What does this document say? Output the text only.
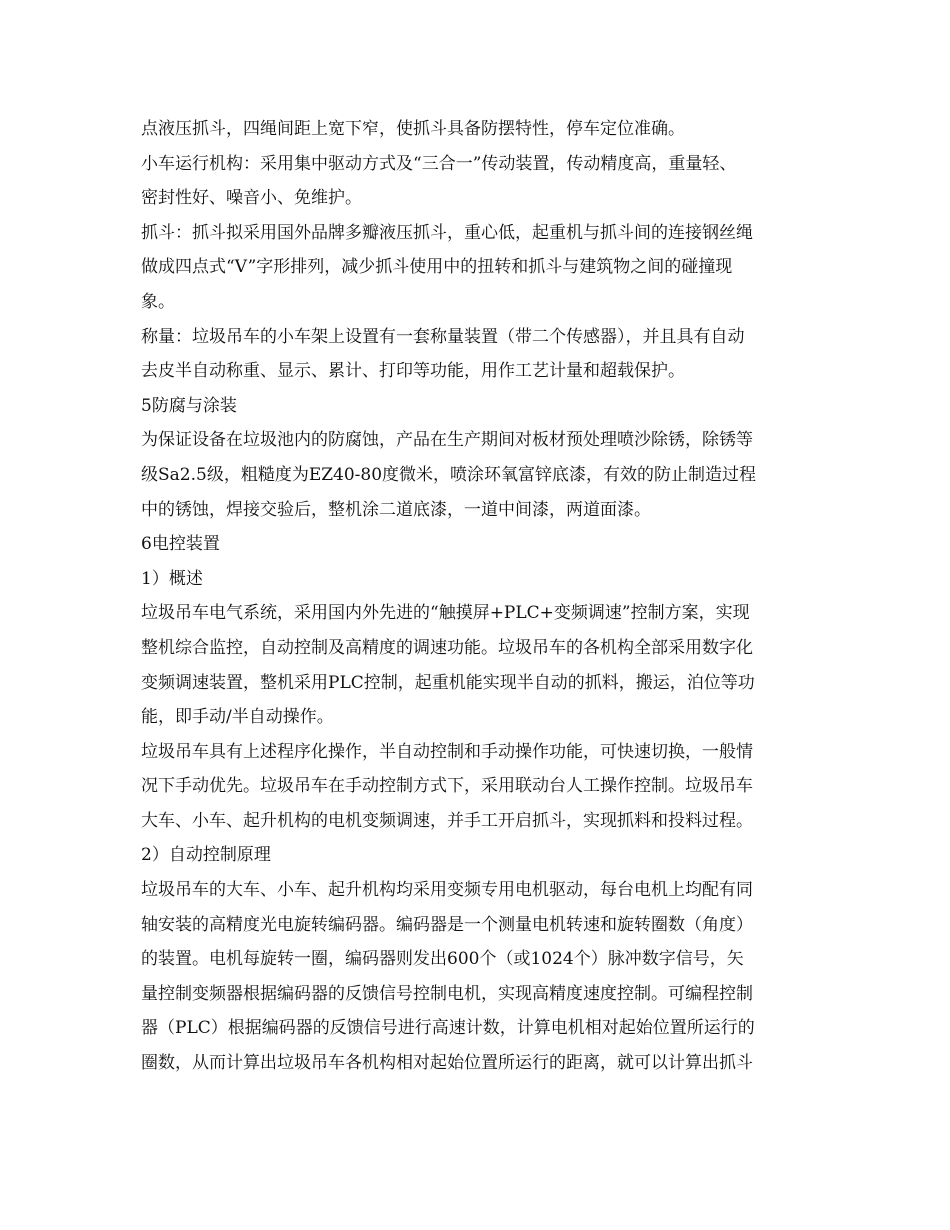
点液压抓斗，四绳间距上宽下窄，使抓斗具备防摆特性，停车定位准确。
小车运行机构：采用集中驱动方式及“三合一”传动装置，传动精度高，重量轻、
密封性好、噪音小、免维护。
抓斗：抓斗拟采用国外品牌多瓣液压抓斗，重心低，起重机与抓斗间的连接钢丝绳
做成四点式“V”字形排列，减少抓斗使用中的扭转和抓斗与建筑物之间的碰撞现
象。
称量：垃圾吊车的小车架上设置有一套称量装置（带二个传感器），并且具有自动
去皮半自动称重、显示、累计、打印等功能，用作工艺计量和超载保护。
5防腐与涂装
为保证设备在垃圾池内的防腐蚀，产品在生产期间对板材预处理喷沙除锈，除锈等
级Sa2.5级，粗糙度为EZ40-80度微米，喷涂环氧富锌底漆，有效的防止制造过程
中的锈蚀，焊接交验后，整机涂二道底漆，一道中间漆，两道面漆。
6电控装置
1）概述
垃圾吊车电气系统，采用国内外先进的“触摸屏+PLC+变频调速”控制方案，实现
整机综合监控，自动控制及高精度的调速功能。垃圾吊车的各机构全部采用数字化
变频调速装置，整机采用PLC控制，起重机能实现半自动的抓料，搬运，泊位等功
能，即手动/半自动操作。
垃圾吊车具有上述程序化操作，半自动控制和手动操作功能，可快速切换，一般情
况下手动优先。垃圾吊车在手动控制方式下，采用联动台人工操作控制。垃圾吊车
大车、小车、起升机构的电机变频调速，并手工开启抓斗，实现抓料和投料过程。
2）自动控制原理
垃圾吊车的大车、小车、起升机构均采用变频专用电机驱动，每台电机上均配有同
轴安装的高精度光电旋转编码器。编码器是一个测量电机转速和旋转圈数（角度）
的装置。电机每旋转一圈，编码器则发出600个（或1024个）脉冲数字信号，矢
量控制变频器根据编码器的反馈信号控制电机，实现高精度速度控制。可编程控制
器（PLC）根据编码器的反馈信号进行高速计数，计算电机相对起始位置所运行的
圈数，从而计算出垃圾吊车各机构相对起始位置所运行的距离，就可以计算出抓斗
